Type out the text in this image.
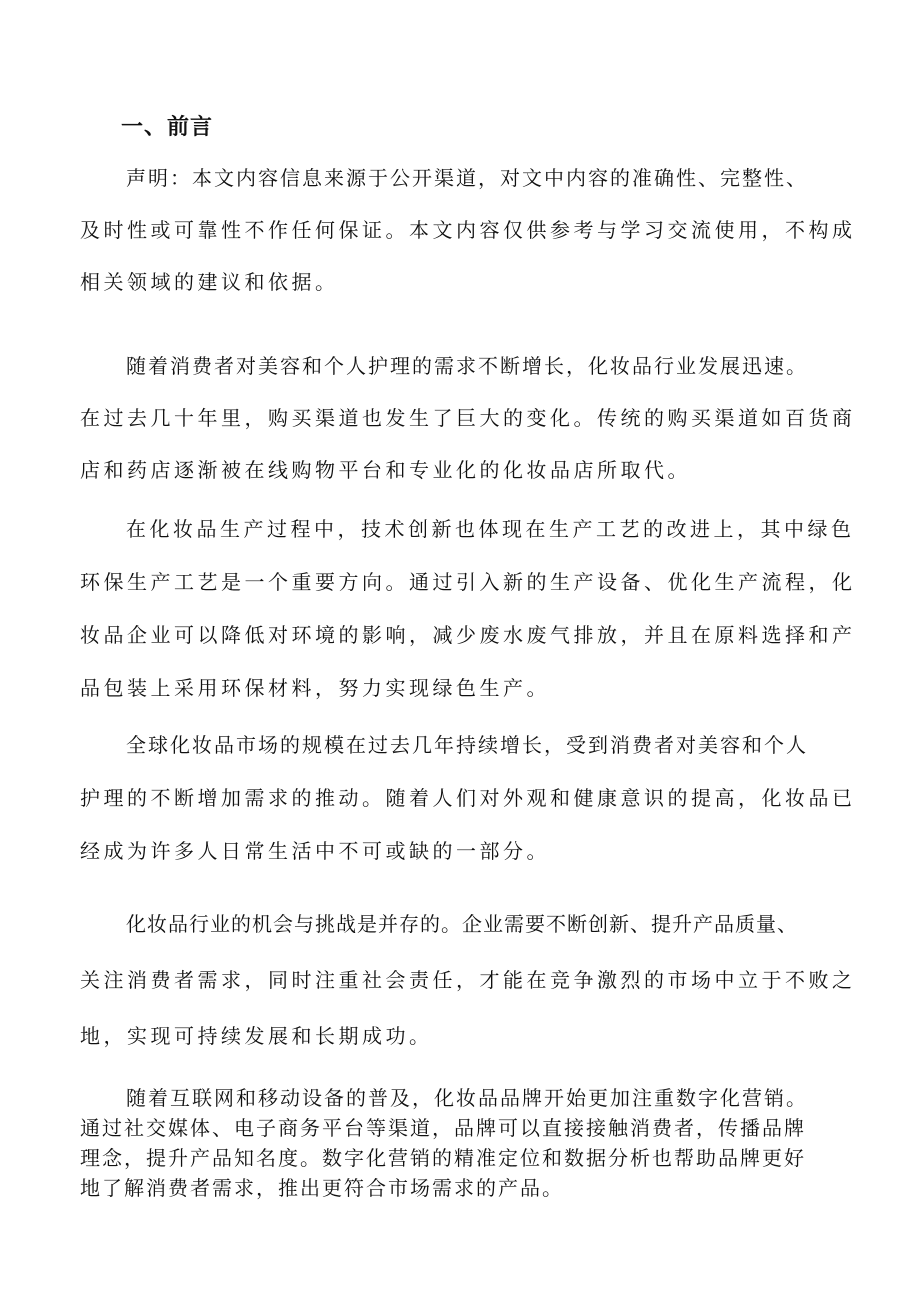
一、前言
声明：本文内容信息来源于公开渠道，对文中内容的准确性、完整性、
及时性或可靠性不作任何保证。本文内容仅供参考与学习交流使用，不构成
相关领域的建议和依据。
随着消费者对美容和个人护理的需求不断增长，化妆品行业发展迅速。
在过去几十年里，购买渠道也发生了巨大的变化。传统的购买渠道如百货商
店和药店逐渐被在线购物平台和专业化的化妆品店所取代。
在化妆品生产过程中，技术创新也体现在生产工艺的改进上，其中绿色
环保生产工艺是一个重要方向。通过引入新的生产设备、优化生产流程，化
妆品企业可以降低对环境的影响，减少废水废气排放，并且在原料选择和产
品包装上采用环保材料，努力实现绿色生产。
全球化妆品市场的规模在过去几年持续增长，受到消费者对美容和个人
护理的不断增加需求的推动。随着人们对外观和健康意识的提高，化妆品已
经成为许多人日常生活中不可或缺的一部分。
化妆品行业的机会与挑战是并存的。企业需要不断创新、提升产品质量、
关注消费者需求，同时注重社会责任，才能在竞争激烈的市场中立于不败之
地，实现可持续发展和长期成功。
随着互联网和移动设备的普及，化妆品品牌开始更加注重数字化营销。
通过社交媒体、电子商务平台等渠道，品牌可以直接接触消费者，传播品牌
理念，提升产品知名度。数字化营销的精准定位和数据分析也帮助品牌更好
地了解消费者需求，推出更符合市场需求的产品。
